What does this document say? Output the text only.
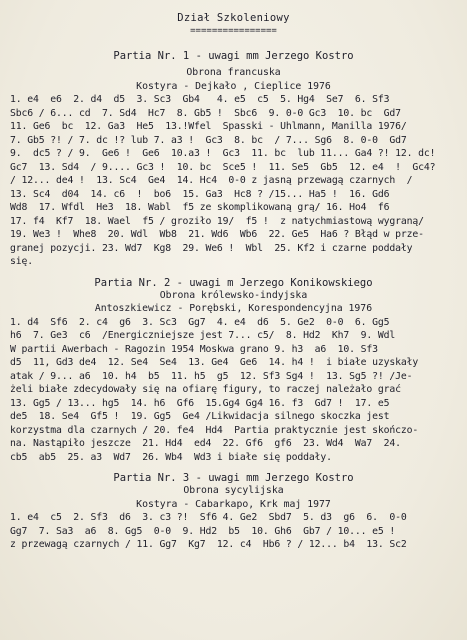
Dział Szkoleniowy
================
Partia Nr. 1 - uwagi mm Jerzego Kostro
Obrona francuska
Kostyra - Dejkało , Cieplice 1976
1. e4  e6  2. d4  d5  3. Sc3  Gb4   4. e5  c5  5. Hg4  Se7  6. Sf3
Sbc6 / 6... cd  7. Sd4  Hc7  8. Gb5 !  Sbc6  9. 0-0 Gc3  10. bc  Gd7
11. Ge6  bc  12. Ga3  He5  13.!Wfel  Spasski - Uhlmann, Manilla 1976/
7. Gb5 ?! / 7. dc !? lub 7. a3 !  Gc3  8. bc  / 7... Sg6  8. 0-0  Gd7
9.  dc5 ? / 9.  Ge6 !  Ge6  10.a3 !  Gc3  11. bc  lub 11... Ga4 ?! 12. dc!
Gc7  13. Sd4  / 9.... Gc3 !  10. bc  Sce5 !  11. Se5  Gb5  12. e4  !  Gc4?
/ 12... de4 !  13. Sc4  Ge4  14. Hc4  0-0 z jasną przewagą czarnych  /
13. Sc4  d04  14. c6  !  bo6  15. Ga3  Hc8 ? /15... Ha5 !  16. Gd6
Wd8  17. Wfdl  He3  18. Wabl  f5 ze skomplikowaną grą/ 16. Ho4  f6
17. f4  Kf7  18. Wael  f5 / groziło 19/  f5 !  z natychmiastową wygraną/
19. We3 !  Whe8  20. Wdl  Wb8  21. Wd6  Wb6  22. Ge5  Ha6 ? Błąd w prze-
granej pozycji. 23. Wd7  Kg8  29. We6 !  Wbl  25. Kf2 i czarne poddały
się.
Partia Nr. 2 - uwagi m Jerzego Konikowskiego
Obrona królewsko-indyjska
Antoszkiewicz - Porębski, Korespondencyjna 1976
1. d4  Sf6  2. c4  g6  3. Sc3  Gg7  4. e4  d6  5. Ge2  0-0  6. Gg5
h6  7. Ge3  c6  /Energiczniejsze jest 7... c5/  8. Hd2  Kh7  9. Wdl
W partii Awerbach - Ragozin 1954 Moskwa grano 9. h3  a6  10. Sf3
d5  11, Gd3 de4  12. Se4  Se4  13. Ge4  Ge6  14. h4 !  i białe uzyskały
atak / 9... a6  10. h4  b5  11. h5  g5  12. Sf3 Sg4 !  13. Sg5 ?! /Je-
żeli białe zdecydowały się na ofiarę figury, to raczej należało grać
13. Gg5 / 13... hg5  14. h6  Gf6  15.Gg4 Gg4 16. f3  Gd7 !  17. e5
de5  18. Se4  Gf5 !  19. Gg5  Ge4 /Likwidacja silnego skoczka jest
korzystma dla czarnych / 20. fe4  Hd4  Partia praktycznie jest skończo-
na. Nastąpiło jeszcze  21. Hd4  ed4  22. Gf6  gf6  23. Wd4  Wa7  24.
cb5  ab5  25. a3  Wd7  26. Wb4  Wd3 i białe się poddały.
Partia Nr. 3 - uwagi mm Jerzego Kostro
Obrona sycylijska
Kostyra - Cabarkapo, Krk maj 1977
1. e4  c5  2. Sf3  d6  3. c3 ?!  Sf6 4. Ge2  Sbd7  5. d3  g6  6.  0-0
Gg7  7. Sa3  a6  8. Gg5  0-0  9. Hd2  b5  10. Gh6  Gb7 / 10... e5 !
z przewagą czarnych / 11. Gg7  Kg7  12. c4  Hb6 ? / 12... b4  13. Sc2
